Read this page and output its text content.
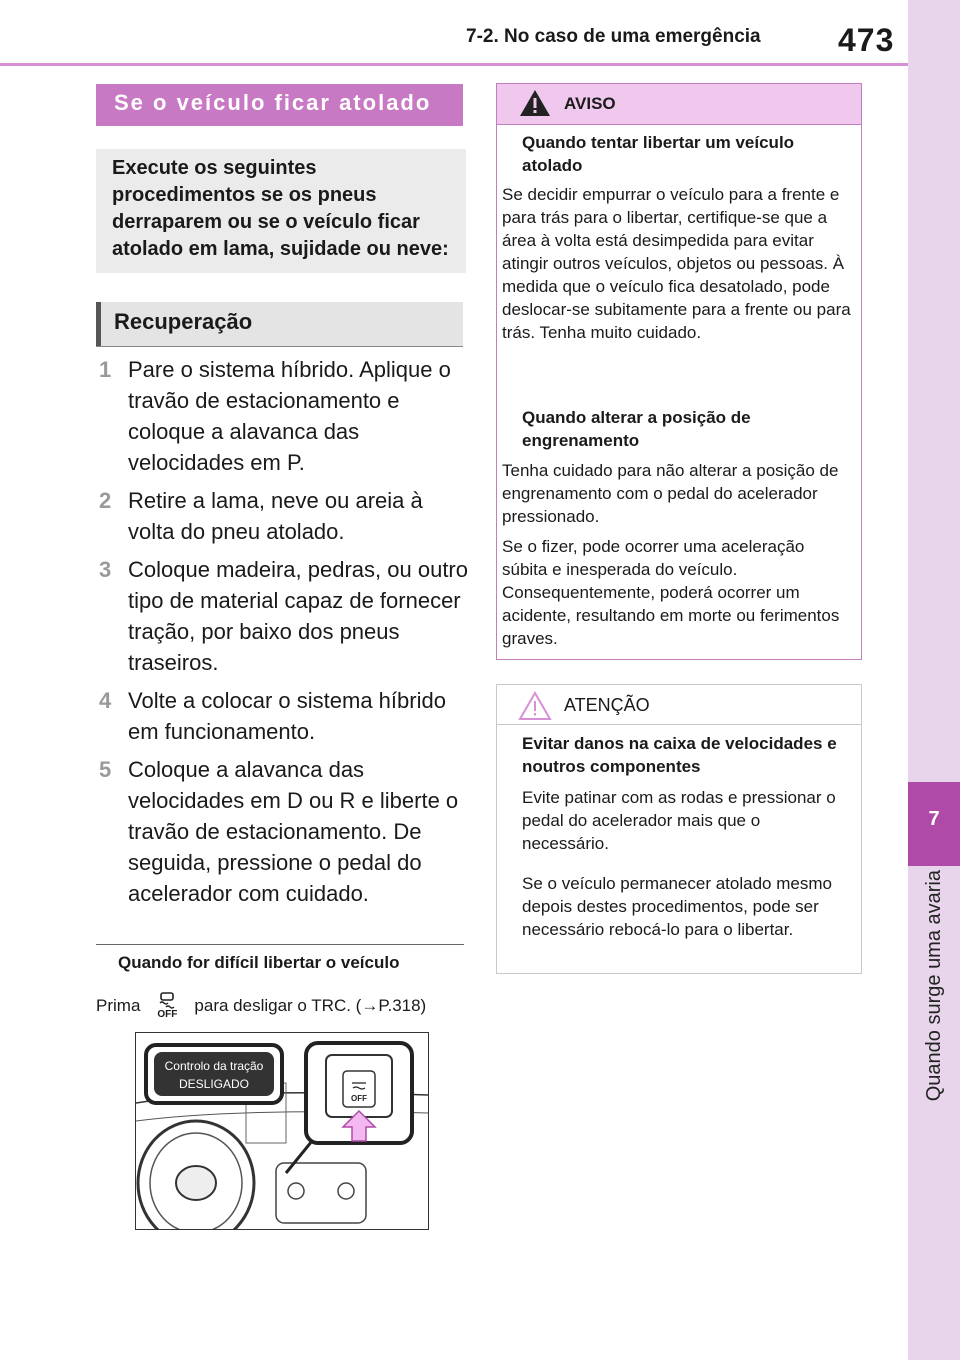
7-2. No caso de uma emergência 473
7
Quando surge uma avaria
Se o veículo ficar atolado
Execute os seguintes procedimentos se os pneus derraparem ou se o veículo ficar atolado em lama, sujidade ou neve:
Recuperação
1 Pare o sistema híbrido. Aplique o travão de estacionamento e coloque a alavanca das velocidades em P.
2 Retire a lama, neve ou areia à volta do pneu atolado.
3 Coloque madeira, pedras, ou outro tipo de material capaz de fornecer tração, por baixo dos pneus traseiros.
4 Volte a colocar o sistema híbrido em funcionamento.
5 Coloque a alavanca das velocidades em D ou R e liberte o travão de estacionamento. De seguida, pressione o pedal do acelerador com cuidado.
Quando for difícil libertar o veículo
Prima OFF para desligar o TRC. (→P.318)
Controlo da tração
DESLIGADO
OFF
AVISO
Quando tentar libertar um veículo atolado
Se decidir empurrar o veículo para a frente e para trás para o libertar, certifique-se que a área à volta está desimpedida para evitar atingir outros veículos, objetos ou pessoas. À medida que o veículo fica desatolado, pode deslocar-se subitamente para a frente ou para trás. Tenha muito cuidado.
Quando alterar a posição de engrenamento
Tenha cuidado para não alterar a posição de engrenamento com o pedal do acelerador pressionado.
Se o fizer, pode ocorrer uma aceleração súbita e inesperada do veículo. Consequentemente, poderá ocorrer um acidente, resultando em morte ou ferimentos graves.
ATENÇÃO
Evitar danos na caixa de velocidades e noutros componentes
Evite patinar com as rodas e pressionar o pedal do acelerador mais que o necessário.
Se o veículo permanecer atolado mesmo depois destes procedimentos, pode ser necessário rebocá-lo para o libertar.
